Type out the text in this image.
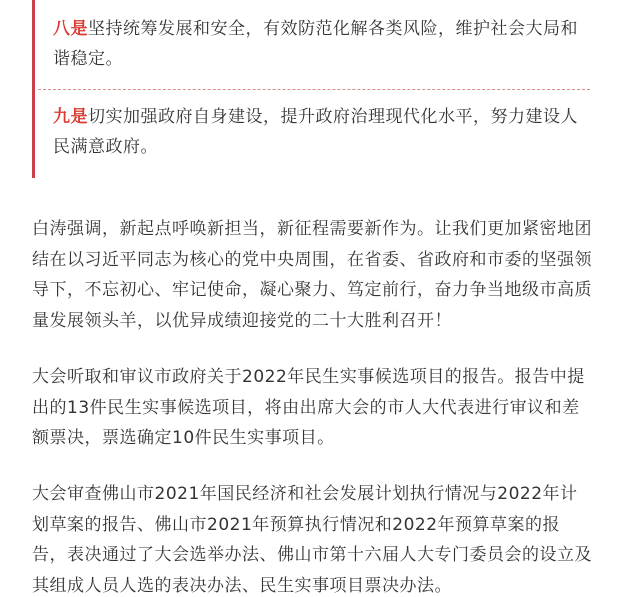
八是坚持统筹发展和安全，有效防范化解各类风险，维护社会大局和谐稳定。
九是切实加强政府自身建设，提升政府治理现代化水平，努力建设人民满意政府。

白涛强调，新起点呼唤新担当，新征程需要新作为。让我们更加紧密地团结在以习近平同志为核心的党中央周围，在省委、省政府和市委的坚强领导下，不忘初心、牢记使命，凝心聚力、笃定前行，奋力争当地级市高质量发展领头羊，以优异成绩迎接党的二十大胜利召开！

大会听取和审议市政府关于2022年民生实事候选项目的报告。报告中提出的13件民生实事候选项目，将由出席大会的市人大代表进行审议和差额票决，票选确定10件民生实事项目。

大会审查佛山市2021年国民经济和社会发展计划执行情况与2022年计划草案的报告、佛山市2021年预算执行情况和2022年预算草案的报告，表决通过了大会选举办法、佛山市第十六届人大专门委员会的设立及其组成人员人选的表决办法、民生实事项目票决办法。
